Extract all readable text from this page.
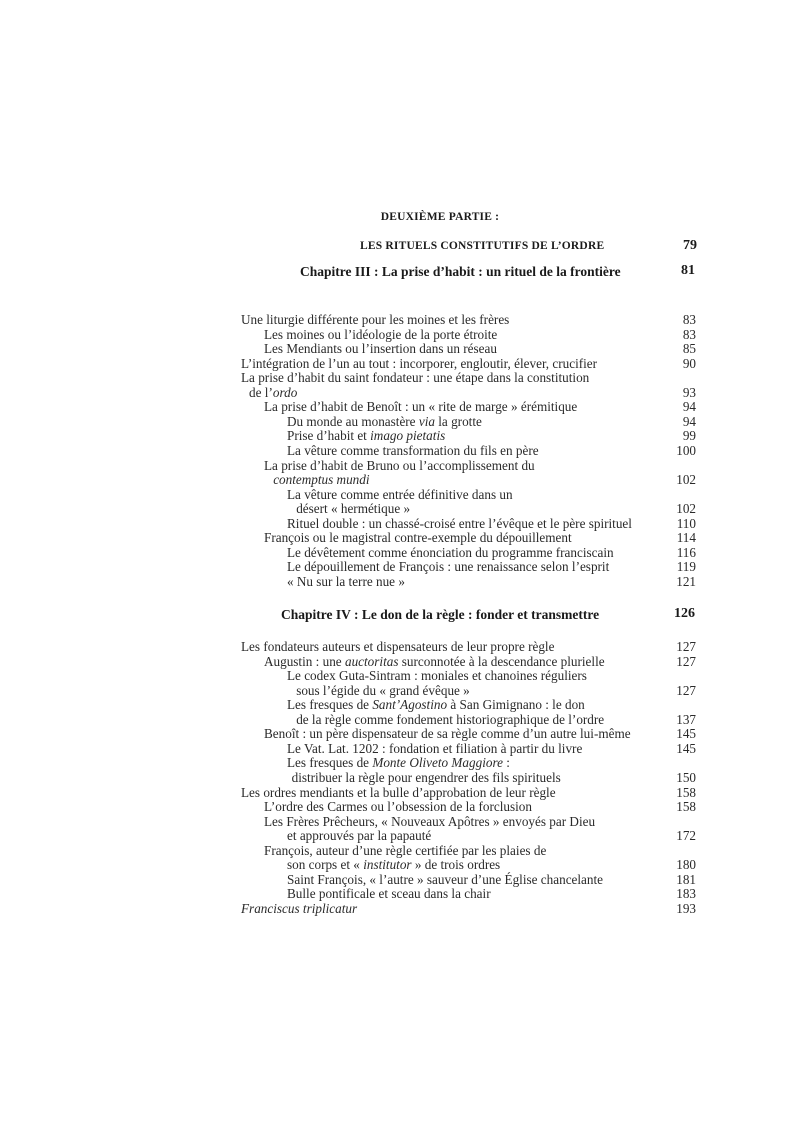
DEUXIÈME PARTIE :
LES RITUELS CONSTITUTIFS DE L’ORDRE	79
Chapitre III : La prise d’habit : un rituel de la frontière	81
Une liturgie différente pour les moines et les frères	83
Les moines ou l’idéologie de la porte étroite	83
Les Mendiants ou l’insertion dans un réseau	85
L’intégration de l’un au tout : incorporer, engloutir, élever, crucifier	90
La prise d’habit du saint fondateur : une étape dans la constitution
de l’ordo	93
La prise d’habit de Benoît : un « rite de marge » érémitique	94
Du monde au monastère via la grotte	94
Prise d’habit et imago pietatis	99
La vêture comme transformation du fils en père	100
La prise d’habit de Bruno ou l’accomplissement du
contemptus mundi	102
La vêture comme entrée définitive dans un
désert « hermétique »	102
Rituel double : un chassé-croisé entre l’évêque et le père spirituel	110
François ou le magistral contre-exemple du dépouillement	114
Le dévêtement comme énonciation du programme franciscain	116
Le dépouillement de François : une renaissance selon l’esprit	119
« Nu sur la terre nue »	121
Chapitre IV : Le don de la règle : fonder et transmettre	126
Les fondateurs auteurs et dispensateurs de leur propre règle	127
Augustin : une auctoritas surconnotée à la descendance plurielle	127
Le codex Guta-Sintram : moniales et chanoines réguliers
sous l’égide du « grand évêque »	127
Les fresques de Sant’Agostino à San Gimignano : le don
de la règle comme fondement historiographique de l’ordre	137
Benoît : un père dispensateur de sa règle comme d’un autre lui-même	145
Le Vat. Lat. 1202 : fondation et filiation à partir du livre	145
Les fresques de Monte Oliveto Maggiore :
distribuer la règle pour engendrer des fils spirituels	150
Les ordres mendiants et la bulle d’approbation de leur règle	158
L’ordre des Carmes ou l’obsession de la forclusion	158
Les Frères Prêcheurs, « Nouveaux Apôtres » envoyés par Dieu
et approuvés par la papauté	172
François, auteur d’une règle certifiée par les plaies de
son corps et « institutor » de trois ordres	180
Saint François, « l’autre » sauveur d’une Église chancelante	181
Bulle pontificale et sceau dans la chair	183
Franciscus triplicatur	193
